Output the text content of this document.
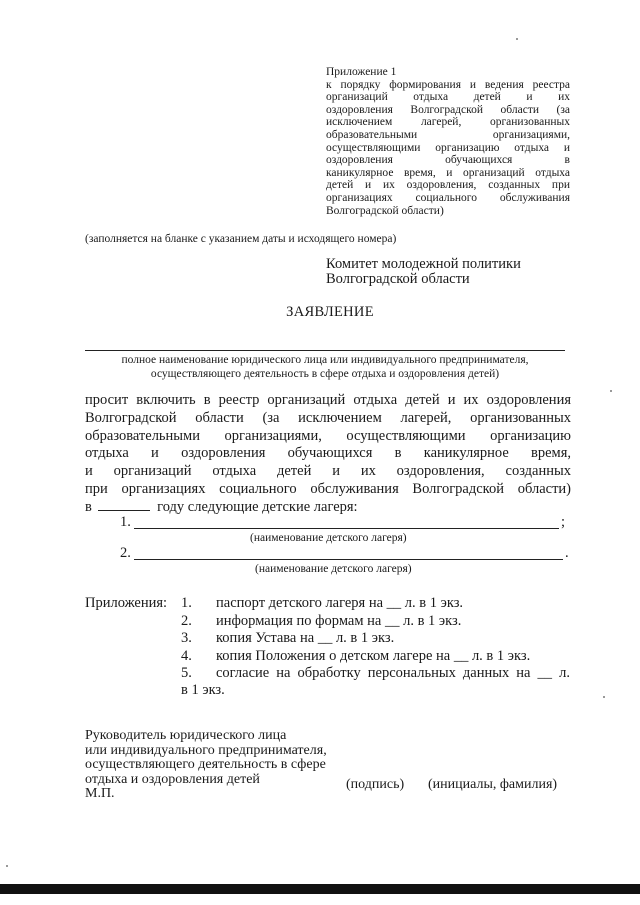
Приложение 1
к порядку формирования и ведения реестра
организаций отдыха детей и их
оздоровления Волгоградской области (за
исключением лагерей, организованных
образовательными организациями,
осуществляющими организацию отдыха и
оздоровления обучающихся в
каникулярное время, и организаций отдыха
детей и их оздоровления, созданных при
организациях социального обслуживания
Волгоградской области)
(заполняется на бланке с указанием даты и исходящего номера)
Комитет молодежной политики
Волгоградской области
ЗАЯВЛЕНИЕ
полное наименование юридического лица или индивидуального предпринимателя,
осуществляющего деятельность в сфере отдыха и оздоровления детей)
просит включить в реестр организаций отдыха детей и их оздоровления
Волгоградской области (за исключением лагерей, организованных
образовательными организациями, осуществляющими организацию
отдыха и оздоровления обучающихся в каникулярное время,
и организаций отдыха детей и их оздоровления, созданных
при организациях социального обслуживания Волгоградской области)
в	году следующие детские лагеря:
1.	;
(наименование детского лагеря)
2.	.
(наименование детского лагеря)
Приложения: 1. паспорт детского лагеря на __ л. в 1 экз.
2. информация по формам на __ л. в 1 экз.
3. копия Устава на __ л. в 1 экз.
4. копия Положения о детском лагере на __ л. в 1 экз.
5. согласие на обработку персональных данных на __ л.
в 1 экз.
Руководитель юридического лица
или индивидуального предпринимателя,
осуществляющего деятельность в сфере
отдыха и оздоровления детей
М.П.
(подпись) (инициалы, фамилия)
